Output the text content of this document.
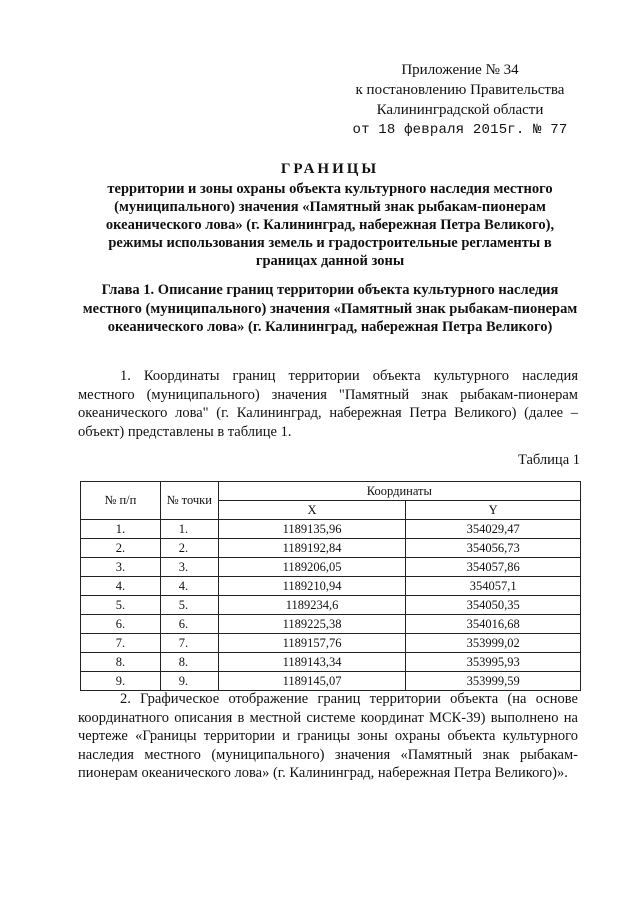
Приложение № 34
к постановлению Правительства
Калининградской области
от 18 февраля 2015г. № 77
ГРАНИЦЫ
территории и зоны охраны объекта культурного наследия местного (муниципального) значения «Памятный знак рыбакам-пионерам океанического лова» (г. Калининград, набережная Петра Великого), режимы использования земель и градостроительные регламенты в границах данной зоны
Глава 1. Описание границ территории объекта культурного наследия местного (муниципального) значения «Памятный знак рыбакам-пионерам океанического лова» (г. Калининград, набережная Петра Великого)
1. Координаты границ территории объекта культурного наследия местного (муниципального) значения "Памятный знак рыбакам-пионерам океанического лова" (г. Калининград, набережная Петра Великого) (далее – объект) представлены в таблице 1.
Таблица 1
№ п/п	№ точки	Координаты	
		X	Y
1.	1.	1189135,96	354029,47
2.	2.	1189192,84	354056,73
3.	3.	1189206,05	354057,86
4.	4.	1189210,94	354057,1
5.	5.	1189234,6	354050,35
6.	6.	1189225,38	354016,68
7.	7.	1189157,76	353999,02
8.	8.	1189143,34	353995,93
9.	9.	1189145,07	353999,59
2. Графическое отображение границ территории объекта (на основе координатного описания в местной системе координат МСК-39) выполнено на чертеже «Границы территории и границы зоны охраны объекта культурного наследия местного (муниципального) значения «Памятный знак рыбакам-пионерам океанического лова» (г. Калининград, набережная Петра Великого)».
